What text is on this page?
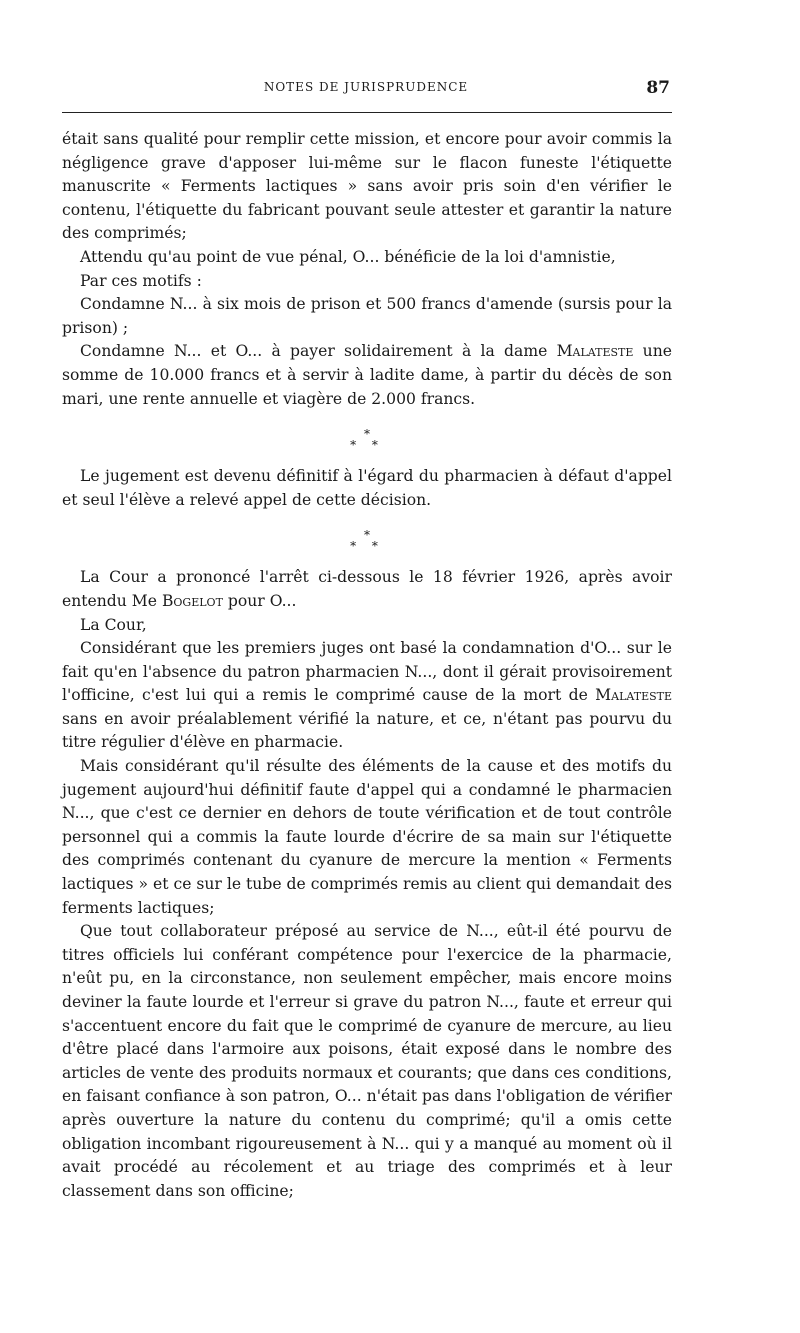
NOTES DE JURISPRUDENCE	87

était sans qualité pour remplir cette mission, et encore pour avoir commis la négligence grave d'apposer lui-même sur le flacon funeste l'étiquette manuscrite « Ferments lactiques » sans avoir pris soin d'en vérifier le contenu, l'étiquette du fabricant pouvant seule attester et garantir la nature des comprimés;

Attendu qu'au point de vue pénal, O... bénéficie de la loi d'amnistie,

Par ces motifs :

Condamne N... à six mois de prison et 500 francs d'amende (sursis pour la prison) ;

Condamne N... et O... à payer solidairement à la dame Malateste une somme de 10.000 francs et à servir à ladite dame, à partir du décès de son mari, une rente annuelle et viagère de 2.000 francs.

*
* *

Le jugement est devenu définitif à l'égard du pharmacien à défaut d'appel et seul l'élève a relevé appel de cette décision.

*
* *

La Cour a prononcé l'arrêt ci-dessous le 18 février 1926, après avoir entendu Me Bogelot pour O...

La Cour,

Considérant que les premiers juges ont basé la condamnation d'O... sur le fait qu'en l'absence du patron pharmacien N..., dont il gérait provisoirement l'officine, c'est lui qui a remis le comprimé cause de la mort de Malateste sans en avoir préalablement vérifié la nature, et ce, n'étant pas pourvu du titre régulier d'élève en pharmacie.

Mais considérant qu'il résulte des éléments de la cause et des motifs du jugement aujourd'hui définitif faute d'appel qui a condamné le pharmacien N..., que c'est ce dernier en dehors de toute vérification et de tout contrôle personnel qui a commis la faute lourde d'écrire de sa main sur l'étiquette des comprimés contenant du cyanure de mercure la mention « Ferments lactiques » et ce sur le tube de comprimés remis au client qui demandait des ferments lactiques;

Que tout collaborateur préposé au service de N..., eût-il été pourvu de titres officiels lui conférant compétence pour l'exercice de la pharmacie, n'eût pu, en la circonstance, non seulement empêcher, mais encore moins deviner la faute lourde et l'erreur si grave du patron N..., faute et erreur qui s'accentuent encore du fait que le comprimé de cyanure de mercure, au lieu d'être placé dans l'armoire aux poisons, était exposé dans le nombre des articles de vente des produits normaux et courants; que dans ces conditions, en faisant confiance à son patron, O... n'était pas dans l'obligation de vérifier après ouverture la nature du contenu du comprimé; qu'il a omis cette obligation incombant rigoureusement à N... qui y a manqué au moment où il avait procédé au récolement et au triage des comprimés et à leur classement dans son officine;
